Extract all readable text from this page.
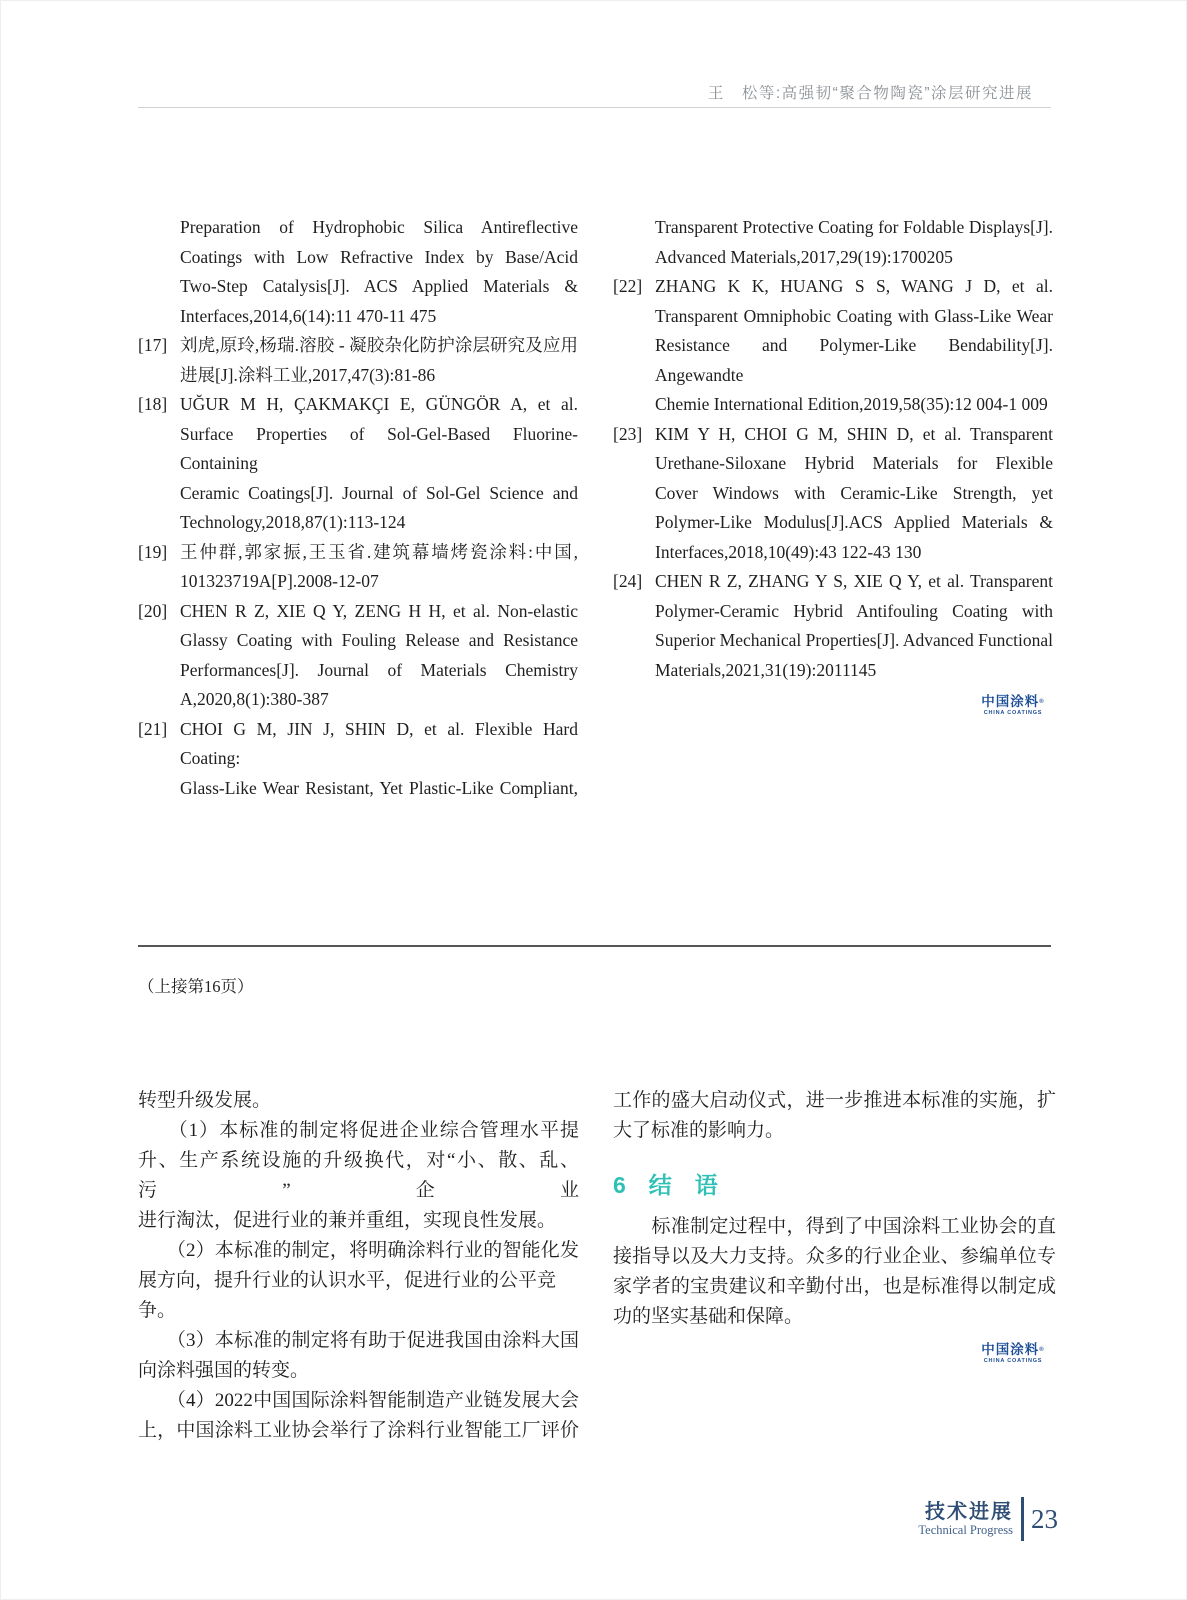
王　松等:高强韧“聚合物陶瓷”涂层研究进展
Preparation of Hydrophobic Silica Antireflective
Coatings with Low Refractive Index by Base/Acid
Two-Step Catalysis[J]. ACS Applied Materials &
Interfaces,2014,6(14):11 470-11 475
[17] 刘虎,原玲,杨瑞.溶胶 - 凝胶杂化防护涂层研究及应用
进展[J].涂料工业,2017,47(3):81-86
[18] UĞUR M H, ÇAKMAKÇI E, GÜNGÖR A, et al.
Surface Properties of Sol-Gel-Based Fluorine-Containing
Ceramic Coatings[J]. Journal of Sol-Gel Science and
Technology,2018,87(1):113-124
[19] 王仲群,郭家振,王玉省.建筑幕墙烤瓷涂料:中国,
101323719A[P].2008-12-07
[20] CHEN R Z, XIE Q Y, ZENG H H, et al. Non-elastic
Glassy Coating with Fouling Release and Resistance
Performances[J]. Journal of Materials Chemistry
A,2020,8(1):380-387
[21] CHOI G M, JIN J, SHIN D, et al. Flexible Hard Coating:
Glass-Like Wear Resistant, Yet Plastic-Like Compliant,
Transparent Protective Coating for Foldable Displays[J].
Advanced Materials,2017,29(19):1700205
[22] ZHANG K K, HUANG S S, WANG J D, et al.
Transparent Omniphobic Coating with Glass-Like Wear
Resistance and Polymer-Like Bendability[J]. Angewandte
Chemie International Edition,2019,58(35):12 004-1 009
[23] KIM Y H, CHOI G M, SHIN D, et al. Transparent
Urethane-Siloxane Hybrid Materials for Flexible
Cover Windows with Ceramic-Like Strength, yet
Polymer-Like Modulus[J].ACS Applied Materials &
Interfaces,2018,10(49):43 122-43 130
[24] CHEN R Z, ZHANG Y S, XIE Q Y, et al. Transparent
Polymer-Ceramic Hybrid Antifouling Coating with
Superior Mechanical Properties[J]. Advanced Functional
Materials,2021,31(19):2011145
中国涂料®
CHINA COATINGS
（上接第16页）
转型升级发展。
　　（1）本标准的制定将促进企业综合管理水平提
升、生产系统设施的升级换代，对“小、散、乱、污”企业
进行淘汰，促进行业的兼并重组，实现良性发展。
　　（2）本标准的制定，将明确涂料行业的智能化发
展方向，提升行业的认识水平，促进行业的公平竞争。
　　（3）本标准的制定将有助于促进我国由涂料大国
向涂料强国的转变。
　　（4）2022中国国际涂料智能制造产业链发展大会
上，中国涂料工业协会举行了涂料行业智能工厂评价
工作的盛大启动仪式，进一步推进本标准的实施，扩
大了标准的影响力。
6　结　语
　　标准制定过程中，得到了中国涂料工业协会的直
接指导以及大力支持。众多的行业企业、参编单位专
家学者的宝贵建议和辛勤付出，也是标准得以制定成
功的坚实基础和保障。
中国涂料®
CHINA COATINGS
技术进展
Technical Progress 23
